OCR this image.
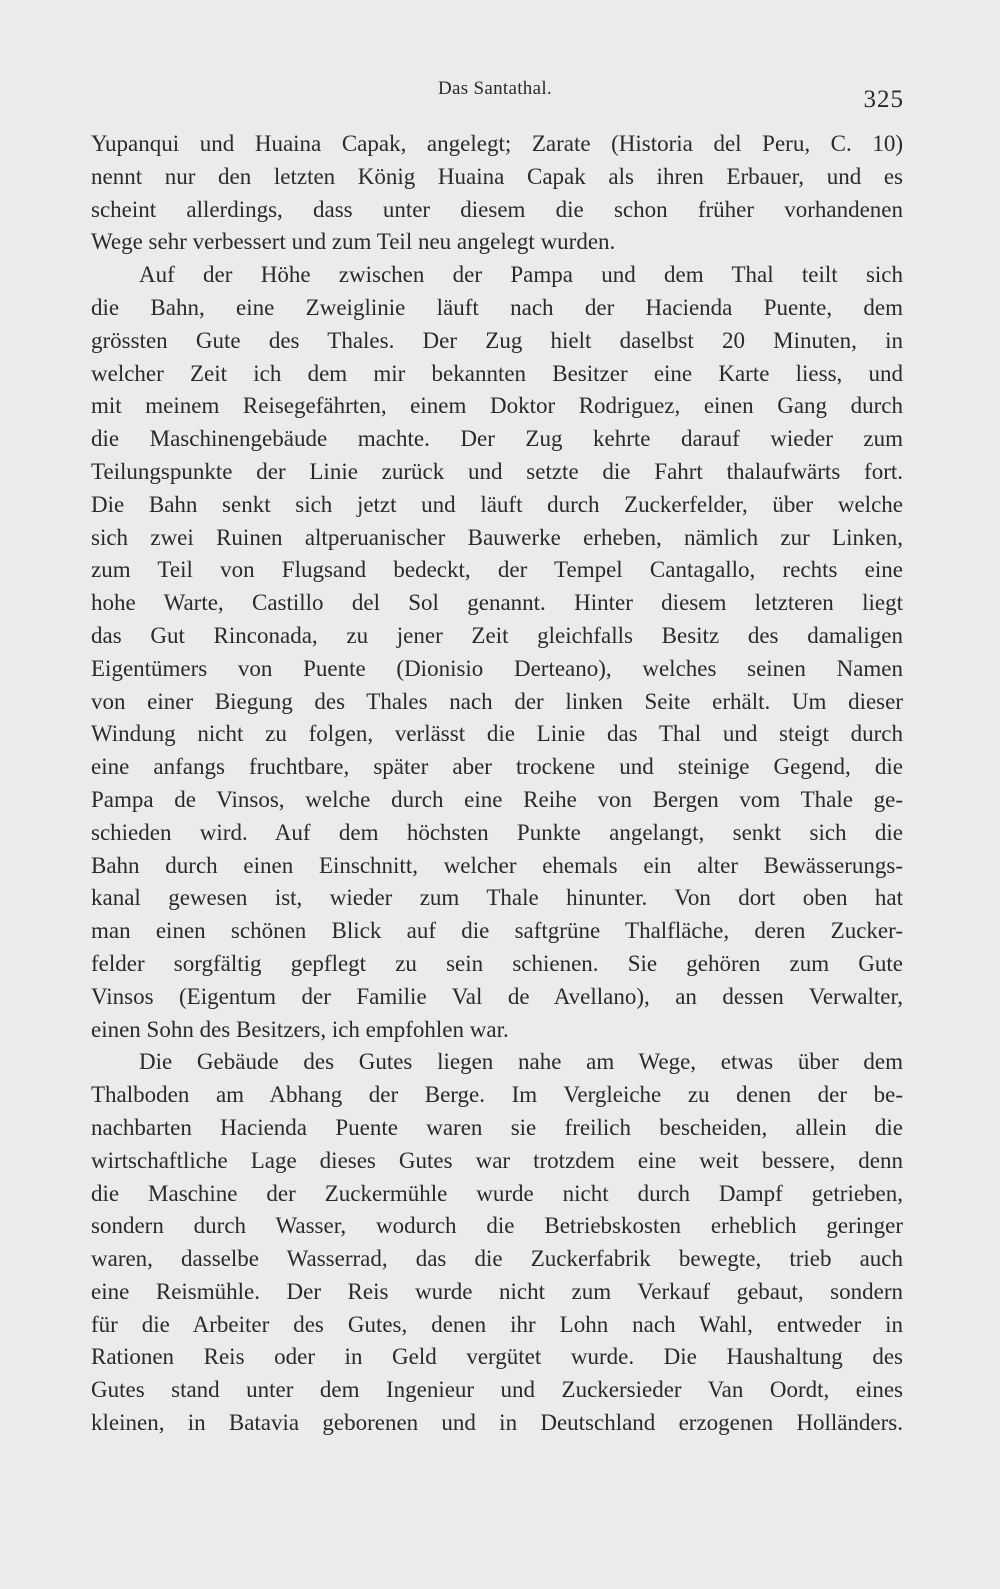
Das Santathal.	325
Yupanqui und Huaina Capak, angelegt; Zarate (Historia del Peru, C. 10)
nennt nur den letzten König Huaina Capak als ihren Erbauer, und es
scheint allerdings, dass unter diesem die schon früher vorhandenen
Wege sehr verbessert und zum Teil neu angelegt wurden.
Auf der Höhe zwischen der Pampa und dem Thal teilt sich
die Bahn, eine Zweiglinie läuft nach der Hacienda Puente, dem
grössten Gute des Thales. Der Zug hielt daselbst 20 Minuten, in
welcher Zeit ich dem mir bekannten Besitzer eine Karte liess, und
mit meinem Reisegefährten, einem Doktor Rodriguez, einen Gang durch
die Maschinengebäude machte. Der Zug kehrte darauf wieder zum
Teilungspunkte der Linie zurück und setzte die Fahrt thalaufwärts fort.
Die Bahn senkt sich jetzt und läuft durch Zuckerfelder, über welche
sich zwei Ruinen altperuanischer Bauwerke erheben, nämlich zur Linken,
zum Teil von Flugsand bedeckt, der Tempel Cantagallo, rechts eine
hohe Warte, Castillo del Sol genannt. Hinter diesem letzteren liegt
das Gut Rinconada, zu jener Zeit gleichfalls Besitz des damaligen
Eigentümers von Puente (Dionisio Derteano), welches seinen Namen
von einer Biegung des Thales nach der linken Seite erhält. Um dieser
Windung nicht zu folgen, verlässt die Linie das Thal und steigt durch
eine anfangs fruchtbare, später aber trockene und steinige Gegend, die
Pampa de Vinsos, welche durch eine Reihe von Bergen vom Thale ge-
schieden wird. Auf dem höchsten Punkte angelangt, senkt sich die
Bahn durch einen Einschnitt, welcher ehemals ein alter Bewässerungs-
kanal gewesen ist, wieder zum Thale hinunter. Von dort oben hat
man einen schönen Blick auf die saftgrüne Thalfläche, deren Zucker-
felder sorgfältig gepflegt zu sein schienen. Sie gehören zum Gute
Vinsos (Eigentum der Familie Val de Avellano), an dessen Verwalter,
einen Sohn des Besitzers, ich empfohlen war.
Die Gebäude des Gutes liegen nahe am Wege, etwas über dem
Thalboden am Abhang der Berge. Im Vergleiche zu denen der be-
nachbarten Hacienda Puente waren sie freilich bescheiden, allein die
wirtschaftliche Lage dieses Gutes war trotzdem eine weit bessere, denn
die Maschine der Zuckermühle wurde nicht durch Dampf getrieben,
sondern durch Wasser, wodurch die Betriebskosten erheblich geringer
waren, dasselbe Wasserrad, das die Zuckerfabrik bewegte, trieb auch
eine Reismühle. Der Reis wurde nicht zum Verkauf gebaut, sondern
für die Arbeiter des Gutes, denen ihr Lohn nach Wahl, entweder in
Rationen Reis oder in Geld vergütet wurde. Die Haushaltung des
Gutes stand unter dem Ingenieur und Zuckersieder Van Oordt, eines
kleinen, in Batavia geborenen und in Deutschland erzogenen Holländers.
